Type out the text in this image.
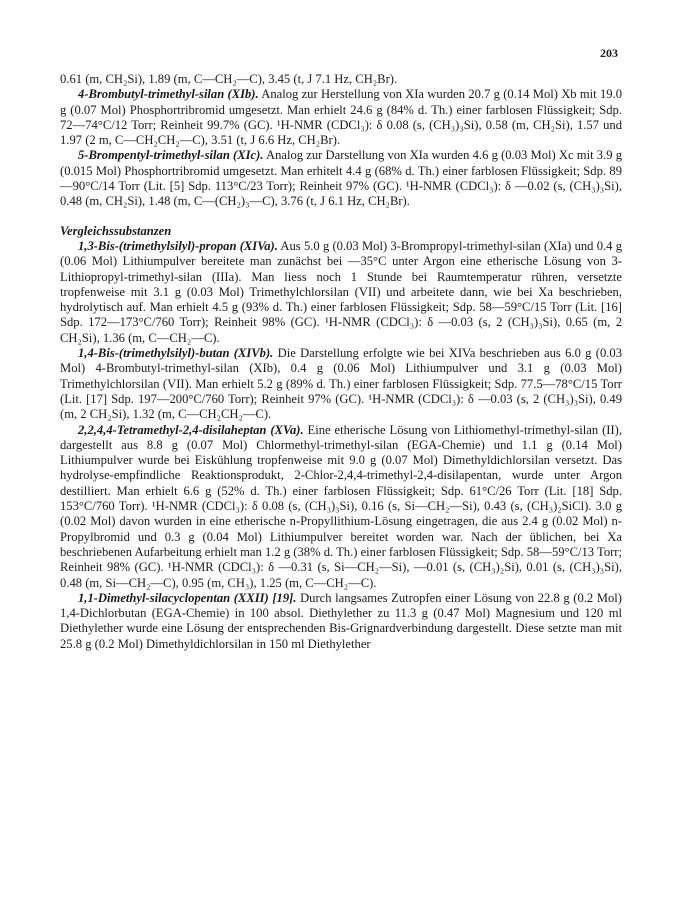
203

0.61 (m, CH₂Si), 1.89 (m, C—CH₂—C), 3.45 (t, J 7.1 Hz, CH₂Br).

4-Brombutyl-trimethyl-silan (XIb). Analog zur Herstellung von XIa wurden 20.7 g (0.14 Mol) Xb mit 19.0 g (0.07 Mol) Phosphortribromid umgesetzt. Man erhielt 24.6 g (84% d. Th.) einer farblosen Flüssigkeit; Sdp. 72—74°C/12 Torr; Reinheit 99.7% (GC). ¹H-NMR (CDCl₃): δ 0.08 (s, (CH₃)₃Si), 0.58 (m, CH₂Si), 1.57 und 1.97 (2 m, C—CH₂CH₂—C), 3.51 (t, J 6.6 Hz, CH₂Br).

5-Brompentyl-trimethyl-silan (XIc). Analog zur Darstellung von XIa wurden 4.6 g (0.03 Mol) Xc mit 3.9 g (0.015 Mol) Phosphortribromid umgesetzt. Man erhitelt 4.4 g (68% d. Th.) einer farblosen Flüssigkeit; Sdp. 89—90°C/14 Torr (Lit. [5] Sdp. 113°C/23 Torr); Reinheit 97% (GC). ¹H-NMR (CDCl₃): δ —0.02 (s, (CH₃)₃Si), 0.48 (m, CH₂Si), 1.48 (m, C—(CH₂)₃—C), 3.76 (t, J 6.1 Hz, CH₂Br).

Vergleichssubstanzen

1,3-Bis-(trimethylsilyl)-propan (XIVa). Aus 5.0 g (0.03 Mol) 3-Brompropyl-trimethyl-silan (XIa) und 0.4 g (0.06 Mol) Lithiumpulver bereitete man zunächst bei —35°C unter Argon eine etherische Lösung von 3-Lithiopropyl-trimethyl-silan (IIIa). Man liess noch 1 Stunde bei Raumtemperatur rühren, versetzte tropfenweise mit 3.1 g (0.03 Mol) Trimethylchlorsilan (VII) und arbeitete dann, wie bei Xa beschrieben, hydrolytisch auf. Man erhielt 4.5 g (93% d. Th.) einer farblosen Flüssigkeit; Sdp. 58—59°C/15 Torr (Lit. [16] Sdp. 172—173°C/760 Torr); Reinheit 98% (GC). ¹H-NMR (CDCl₃): δ —0.03 (s, 2 (CH₃)₃Si), 0.65 (m, 2 CH₂Si), 1.36 (m, C—CH₂—C).

1,4-Bis-(trimethylsilyl)-butan (XIVb). Die Darstellung erfolgte wie bei XIVa beschrieben aus 6.0 g (0.03 Mol) 4-Brombutyl-trimethyl-silan (XIb), 0.4 g (0.06 Mol) Lithiumpulver und 3.1 g (0.03 Mol) Trimethylchlorsilan (VII). Man erhielt 5.2 g (89% d. Th.) einer farblosen Flüssigkeit; Sdp. 77.5—78°C/15 Torr (Lit. [17] Sdp. 197—200°C/760 Torr); Reinheit 97% (GC). ¹H-NMR (CDCl₃): δ —0.03 (s, 2 (CH₃)₃Si), 0.49 (m, 2 CH₂Si), 1.32 (m, C—CH₂CH₂—C).

2,2,4,4-Tetramethyl-2,4-disilaheptan (XVa). Eine etherische Lösung von Lithiomethyl-trimethyl-silan (II), dargestellt aus 8.8 g (0.07 Mol) Chlormethyl-trimethyl-silan (EGA-Chemie) und 1.1 g (0.14 Mol) Lithiumpulver wurde bei Eiskühlung tropfenweise mit 9.0 g (0.07 Mol) Dimethyldichlorsilan versetzt. Das hydrolyse-empfindliche Reaktionsprodukt, 2-Chlor-2,4,4-trimethyl-2,4-disilapentan, wurde unter Argon destilliert. Man erhielt 6.6 g (52% d. Th.) einer farblosen Flüssigkeit; Sdp. 61°C/26 Torr (Lit. [18] Sdp. 153°C/760 Torr). ¹H-NMR (CDCl₃): δ 0.08 (s, (CH₃)₃Si), 0.16 (s, Si—CH₂—Si), 0.43 (s, (CH₃)₂SiCl). 3.0 g (0.02 Mol) davon wurden in eine etherische n-Propyllithium-Lösung eingetragen, die aus 2.4 g (0.02 Mol) n-Propylbromid und 0.3 g (0.04 Mol) Lithiumpulver bereitet worden war. Nach der üblichen, bei Xa beschriebenen Aufarbeitung erhielt man 1.2 g (38% d. Th.) einer farblosen Flüssigkeit; Sdp. 58—59°C/13 Torr; Reinheit 98% (GC). ¹H-NMR (CDCl₃): δ —0.31 (s, Si—CH₂—Si), —0.01 (s, (CH₃)₂Si), 0.01 (s, (CH₃)₃Si), 0.48 (m, Si—CH₂—C), 0.95 (m, CH₃), 1.25 (m, C—CH₂—C).

1,1-Dimethyl-silacyclopentan (XXII) [19]. Durch langsames Zutropfen einer Lösung von 22.8 g (0.2 Mol) 1,4-Dichlorbutan (EGA-Chemie) in 100 absol. Diethylether zu 11.3 g (0.47 Mol) Magnesium und 120 ml Diethylether wurde eine Lösung der entsprechenden Bis-Grignardverbindung dargestellt. Diese setzte man mit 25.8 g (0.2 Mol) Dimethyldichlorsilan in 150 ml Diethylether
